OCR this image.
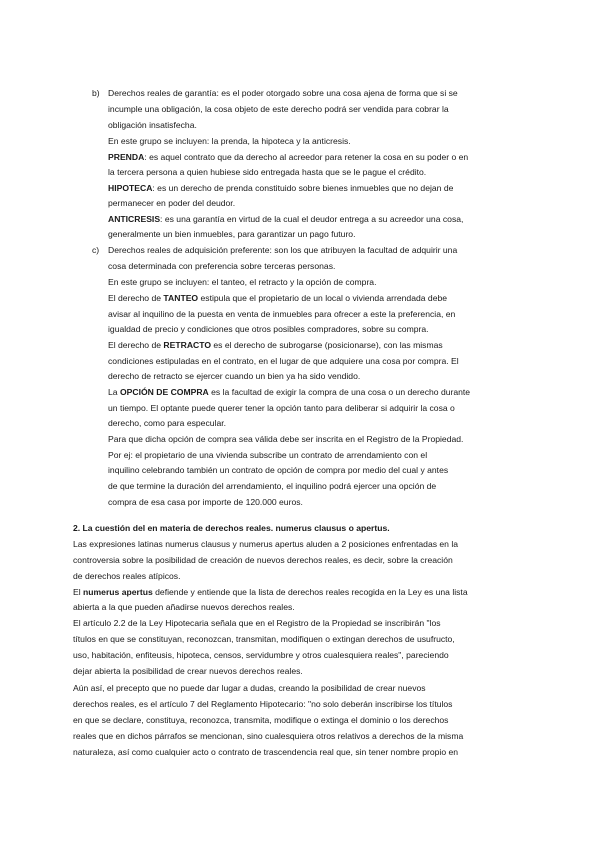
b) Derechos reales de garantía: es el poder otorgado sobre una cosa ajena de forma que si se
incumple una obligación, la cosa objeto de este derecho podrá ser vendida para cobrar la
obligación insatisfecha.
En este grupo se incluyen: la prenda, la hipoteca y la anticresis.
PRENDA: es aquel contrato que da derecho al acreedor para retener la cosa en su poder o en
la tercera persona a quien hubiese sido entregada hasta que se le pague el crédito.
HIPOTECA: es un derecho de prenda constituido sobre bienes inmuebles que no dejan de
permanecer en poder del deudor.
ANTICRESIS: es una garantía en virtud de la cual el deudor entrega a su acreedor una cosa,
generalmente un bien inmuebles, para garantizar un pago futuro.
c) Derechos reales de adquisición preferente: son los que atribuyen la facultad de adquirir una
cosa determinada con preferencia sobre terceras personas.
En este grupo se incluyen: el tanteo, el retracto y la opción de compra.
El derecho de TANTEO estipula que el propietario de un local o vivienda arrendada debe
avisar al inquilino de la puesta en venta de inmuebles para ofrecer a este la preferencia, en
igualdad de precio y condiciones que otros posibles compradores, sobre su compra.
El derecho de RETRACTO es el derecho de subrogarse (posicionarse), con las mismas
condiciones estipuladas en el contrato, en el lugar de que adquiere una cosa por compra. El
derecho de retracto se ejercer cuando un bien ya ha sido vendido.
La OPCIÓN DE COMPRA es la facultad de exigir la compra de una cosa o un derecho durante
un tiempo. El optante puede querer tener la opción tanto para deliberar si adquirir la cosa o
derecho, como para especular.
Para que dicha opción de compra sea válida debe ser inscrita en el Registro de la Propiedad.
Por ej: el propietario de una vivienda subscribe un contrato de arrendamiento con el
inquilino celebrando también un contrato de opción de compra por medio del cual y antes
de que termine la duración del arrendamiento, el inquilino podrá ejercer una opción de
compra de esa casa por importe de 120.000 euros.
2. La cuestión del en materia de derechos reales. numerus clausus o apertus.
Las expresiones latinas numerus clausus y numerus apertus aluden a 2 posiciones enfrentadas en la
controversia sobre la posibilidad de creación de nuevos derechos reales, es decir, sobre la creación
de derechos reales atípicos.
El numerus apertus defiende y entiende que la lista de derechos reales recogida en la Ley es una lista
abierta a la que pueden añadirse nuevos derechos reales.
El artículo 2.2 de la Ley Hipotecaria señala que en el Registro de la Propiedad se inscribirán "los
títulos en que se constituyan, reconozcan, transmitan, modifiquen o extingan derechos de usufructo,
uso, habitación, enfiteusis, hipoteca, censos, servidumbre y otros cualesquiera reales", pareciendo
dejar abierta la posibilidad de crear nuevos derechos reales.
Aún así, el precepto que no puede dar lugar a dudas, creando la posibilidad de crear nuevos
derechos reales, es el artículo 7 del Reglamento Hipotecario: "no solo deberán inscribirse los títulos
en que se declare, constituya, reconozca, transmita, modifique o extinga el dominio o los derechos
reales que en dichos párrafos se mencionan, sino cualesquiera otros relativos a derechos de la misma
naturaleza, así como cualquier acto o contrato de trascendencia real que, sin tener nombre propio en
